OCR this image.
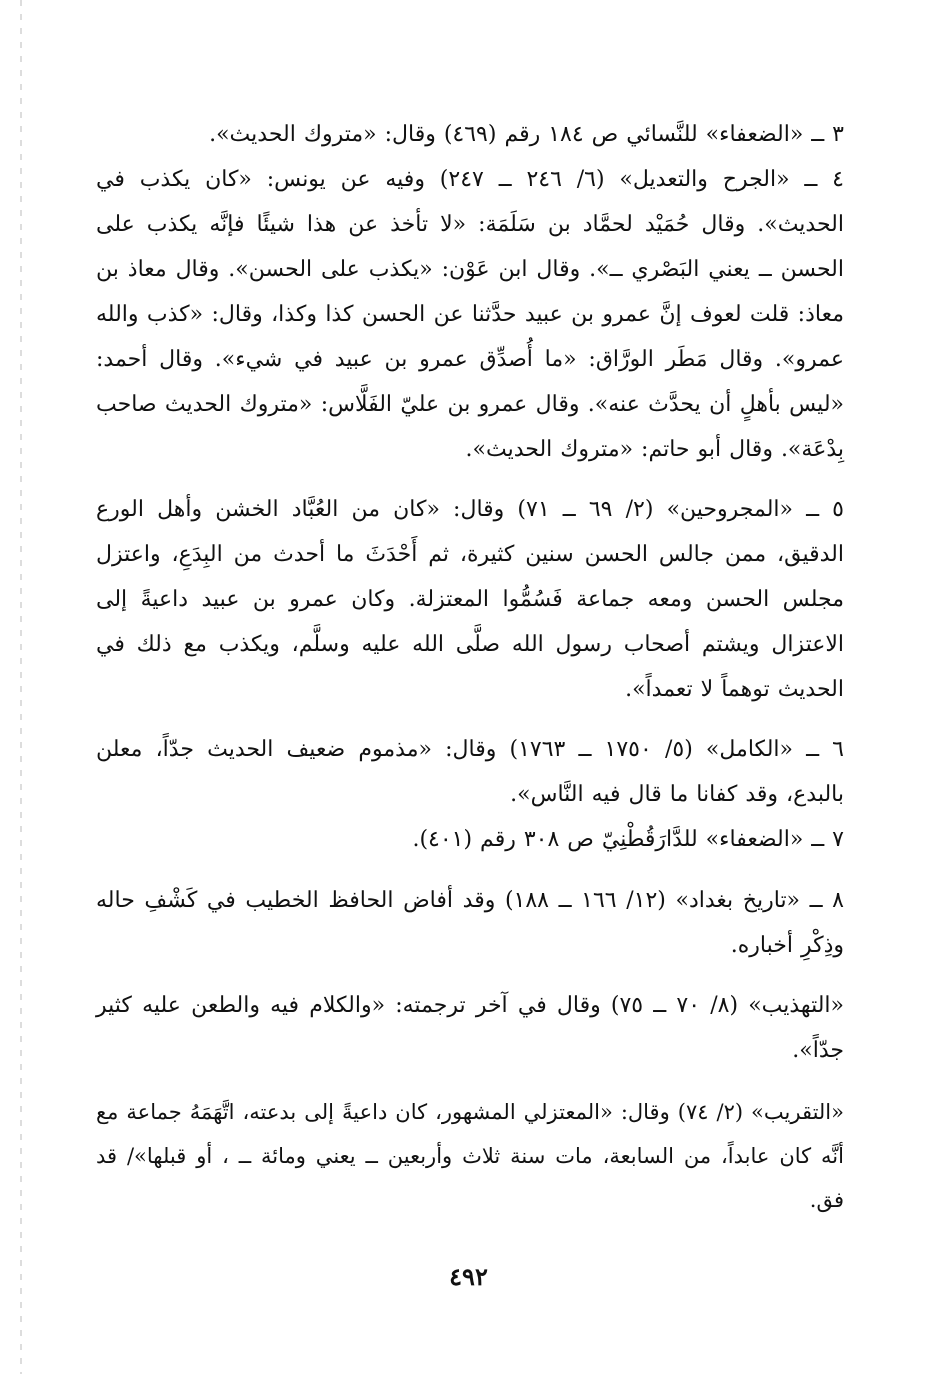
٣ ــ «الضعفاء» للنَّسائي ص ١٨٤ رقم (٤٦٩) وقال: «متروك الحديث».

٤ ــ «الجرح والتعديل» (٦/ ٢٤٦ ــ ٢٤٧) وفيه عن يونس: «كان يكذب في الحديث». وقال حُمَيْد لحمَّاد بن سَلَمَة: «لا تأخذ عن هذا شيئًا فإنَّه يكذب على الحسن ــ يعني البَصْري ــ». وقال ابن عَوْن: «يكذب على الحسن». وقال معاذ بن معاذ: قلت لعوف إنَّ عمرو بن عبيد حدَّثنا عن الحسن كذا وكذا، وقال: «كذب والله عمرو». وقال مَطَر الورَّاق: «ما أُصدِّق عمرو بن عبيد في شيء». وقال أحمد: «ليس بأهلٍ أن يحدَّث عنه». وقال عمرو بن عليّ الفَلَّاس: «متروك الحديث صاحب بِدْعَة». وقال أبو حاتم: «متروك الحديث».

٥ ــ «المجروحين» (٢/ ٦٩ ــ ٧١) وقال: «كان من العُبَّاد الخشن وأهل الورع الدقيق، ممن جالس الحسن سنين كثيرة، ثم أَحْدَثَ ما أحدث من البِدَعِ، واعتزل مجلس الحسن ومعه جماعة فَسُمُّوا المعتزلة. وكان عمرو بن عبيد داعيةً إلى الاعتزال ويشتم أصحاب رسول الله صلَّى الله عليه وسلَّم، ويكذب مع ذلك في الحديث توهماً لا تعمداً».

٦ ــ «الكامل» (٥/ ١٧٥٠ ــ ١٧٦٣) وقال: «مذموم ضعيف الحديث جدّاً، معلن بالبدع، وقد كفانا ما قال فيه النَّاس».

٧ ــ «الضعفاء» للدَّارَقُطْنِيّ ص ٣٠٨ رقم (٤٠١).

٨ ــ «تاريخ بغداد» (١٢/ ١٦٦ ــ ١٨٨) وقد أفاض الحافظ الخطيب في كَشْفِ حاله وذِكْرِ أخباره.

«التهذيب» (٨/ ٧٠ ــ ٧٥) وقال في آخر ترجمته: «والكلام فيه والطعن عليه كثير جدّاً».

«التقريب» (٢/ ٧٤) وقال: «المعتزلي المشهور، كان داعيةً إلى بدعته، اتَّهَمَهُ جماعة مع أنَّه كان عابداً، من السابعة، مات سنة ثلاث وأربعين ــ يعني ومائة ــ ، أو قبلها»/ قد فق.

٤٩٢
